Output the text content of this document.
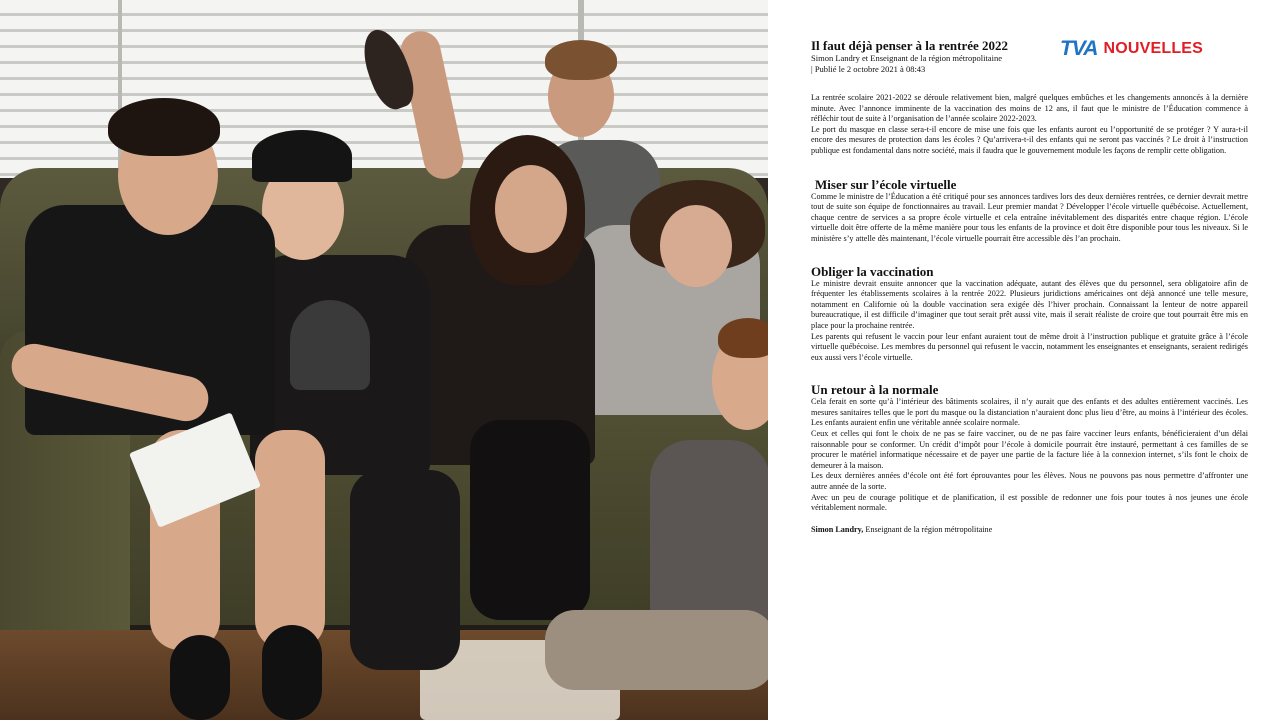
TVA NOUVELLES

Il faut déjà penser à la rentrée 2022

Simon Landry et Enseignant de la région métropolitaine

| Publié le 2 octobre 2021 à 08:43

La rentrée scolaire 2021-2022 se déroule relativement bien, malgré quelques embûches et les changements annoncés à la dernière minute. Avec l’annonce imminente de la vaccination des moins de 12 ans, il faut que le ministre de l’Éducation commence à réfléchir tout de suite à l’organisation de l’année scolaire 2022-2023.

Le port du masque en classe sera-t-il encore de mise une fois que les enfants auront eu l’opportunité de se protéger ? Y aura-t-il encore des mesures de protection dans les écoles ? Qu’arrivera-t-il des enfants qui ne seront pas vaccinés ? Le droit à l’instruction publique est fondamental dans notre société, mais il faudra que le gouvernement module les façons de remplir cette obligation.

Miser sur l’école virtuelle

Comme le ministre de l’Éducation a été critiqué pour ses annonces tardives lors des deux dernières rentrées, ce dernier devrait mettre tout de suite son équipe de fonctionnaires au travail. Leur premier mandat ? Développer l’école virtuelle québécoise. Actuellement, chaque centre de services a sa propre école virtuelle et cela entraîne inévitablement des disparités entre chaque région. L’école virtuelle doit être offerte de la même manière pour tous les enfants de la province et doit être disponible pour tous les niveaux. Si le ministère s’y attelle dès maintenant, l’école virtuelle pourrait être accessible dès l’an prochain.

Obliger la vaccination

Le ministre devrait ensuite annoncer que la vaccination adéquate, autant des élèves que du personnel, sera obligatoire afin de fréquenter les établissements scolaires à la rentrée 2022. Plusieurs juridictions américaines ont déjà annoncé une telle mesure, notamment en Californie où la double vaccination sera exigée dès l’hiver prochain. Connaissant la lenteur de notre appareil bureaucratique, il est difficile d’imaginer que tout serait prêt aussi vite, mais il serait réaliste de croire que tout pourrait être mis en place pour la prochaine rentrée.

Les parents qui refusent le vaccin pour leur enfant auraient tout de même droit à l’instruction publique et gratuite grâce à l’école virtuelle québécoise. Les membres du personnel qui refusent le vaccin, notamment les enseignantes et enseignants, seraient redirigés eux aussi vers l’école virtuelle.

Un retour à la normale

Cela ferait en sorte qu’à l’intérieur des bâtiments scolaires, il n’y aurait que des enfants et des adultes entièrement vaccinés. Les mesures sanitaires telles que le port du masque ou la distanciation n’auraient donc plus lieu d’être, au moins à l’intérieur des écoles. Les enfants auraient enfin une véritable année scolaire normale.

Ceux et celles qui font le choix de ne pas se faire vacciner, ou de ne pas faire vacciner leurs enfants, bénéficieraient d’un délai raisonnable pour se conformer. Un crédit d’impôt pour l’école à domicile pourrait être instauré, permettant à ces familles de se procurer le matériel informatique nécessaire et de payer une partie de la facture liée à la connexion internet, s’ils font le choix de demeurer à la maison.

Les deux dernières années d’école ont été fort éprouvantes pour les élèves. Nous ne pouvons pas nous permettre d’affronter une autre année de la sorte.

Avec un peu de courage politique et de planification, il est possible de redonner une fois pour toutes à nos jeunes une école véritablement normale.

Simon Landry, Enseignant de la région métropolitaine
